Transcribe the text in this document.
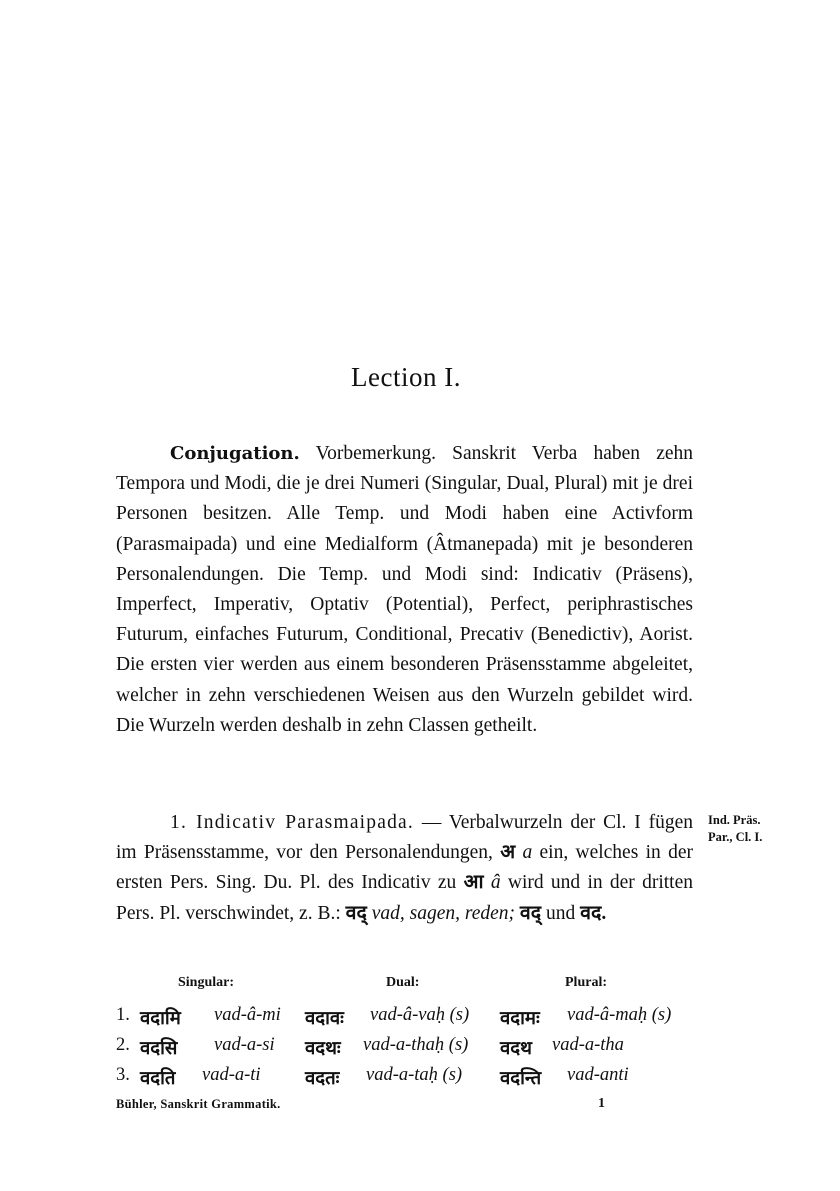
Lection I.
Conjugation. Vorbemerkung. Sanskrit Verba haben zehn Tempora und Modi, die je drei Numeri (Singular, Dual, Plural) mit je drei Personen besitzen. Alle Temp. und Modi haben eine Activform (Parasmaipada) und eine Medialform (Âtmanepada) mit je besonderen Personalendungen. Die Temp. und Modi sind: Indicativ (Präsens), Imperfect, Imperativ, Optativ (Potential), Perfect, periphrastisches Futurum, einfaches Futurum, Conditional, Precativ (Benedictiv), Aorist. Die ersten vier werden aus einem besonderen Präsensstamme abgeleitet, welcher in zehn verschiedenen Weisen aus den Wurzeln gebildet wird. Die Wurzeln werden deshalb in zehn Classen getheilt.
1. Indicativ Parasmaipada. — Verbalwurzeln der Cl. I fügen im Präsensstamme, vor den Personalendungen, अ a ein, welches in der ersten Pers. Sing. Du. Pl. des Indicativ zu आ â wird und in der dritten Pers. Pl. verschwindet, z. B.: वद् vad, sagen, reden; वद् und वद.
Ind. Präs.
Par., Cl. I.
Singular:	Dual:	Plural:
1. वदामि vad-â-mi वदावः vad-â-vaḥ (s) वदामः vad-â-maḥ (s)
2. वदसि vad-a-si वदथः vad-a-thaḥ (s) वदथ vad-a-tha
3. वदति vad-a-ti वदतः vad-a-taḥ (s) वदन्ति vad-anti
Bühler, Sanskrit Grammatik.	1
